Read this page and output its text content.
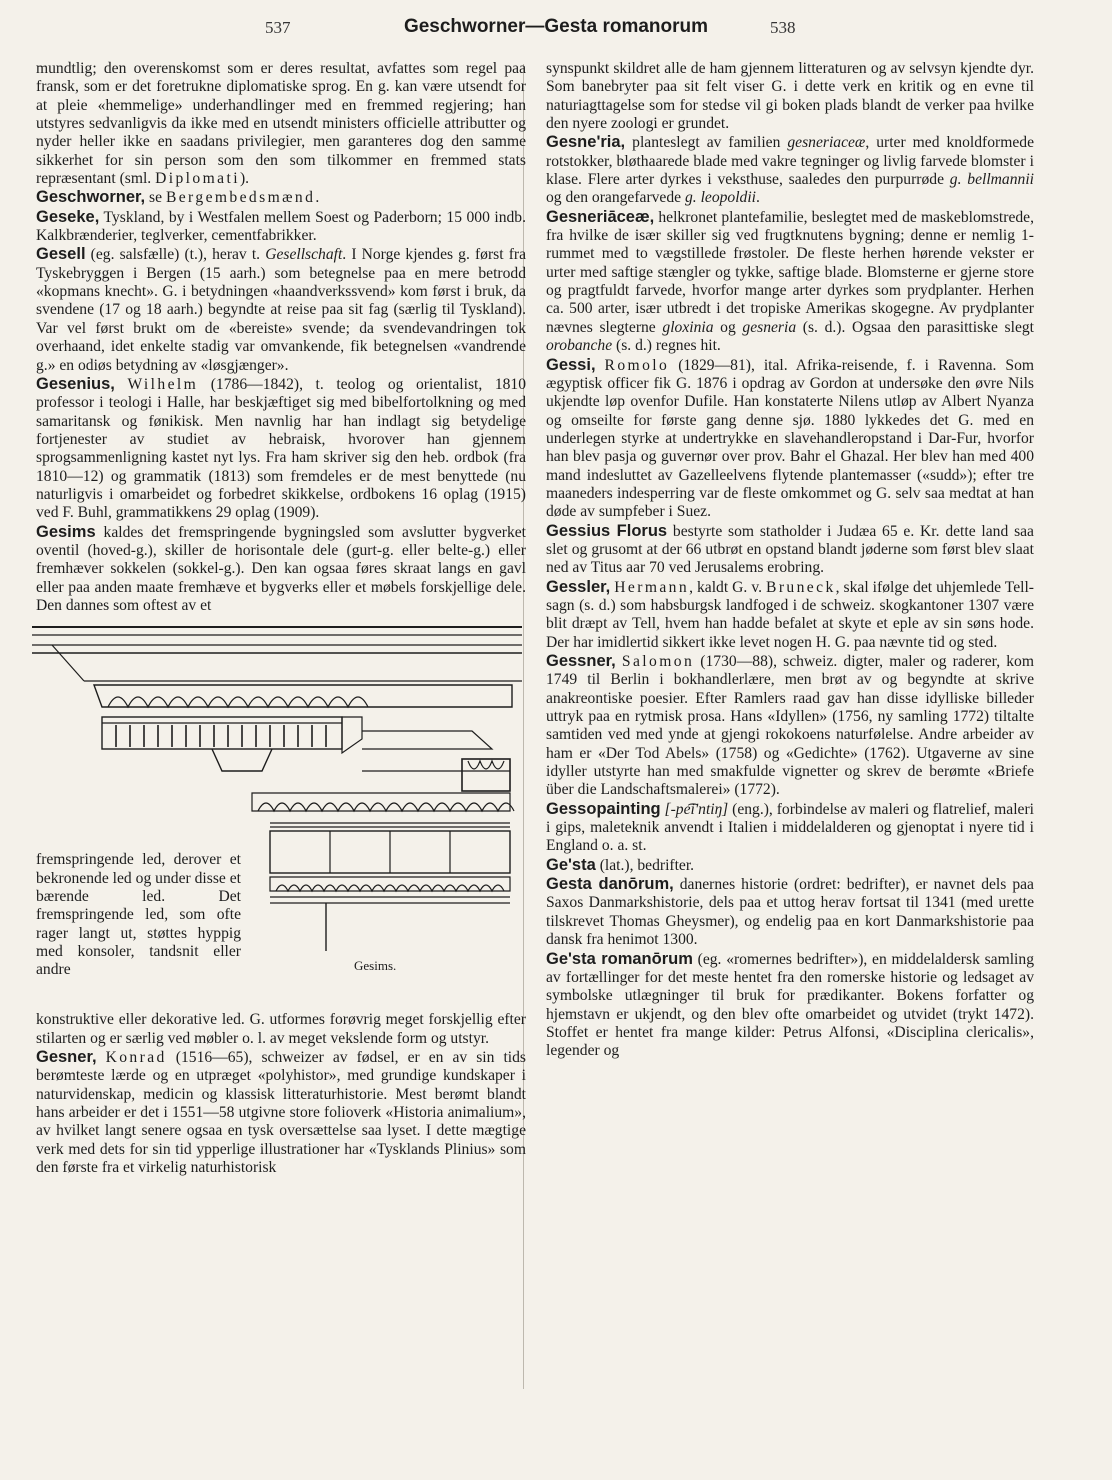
537	Geschworner—Gesta romanorum	538

mundtlig; den overenskomst som er deres resultat, avfattes som regel paa fransk, som er det foretrukne diplomatiske sprog. En g. kan være utsendt for at pleie «hemmelige» underhandlinger med en fremmed regjering; han utstyres sedvanligvis da ikke med en utsendt ministers officielle attributter og nyder heller ikke en saadans privilegier, men garanteres dog den samme sikkerhet for sin person som den som tilkommer en fremmed stats repræsentant (sml. Diplomati).

Geschworner, se Bergembedsmænd.

Geseke, Tyskland, by i Westfalen mellem Soest og Paderborn; 15 000 indb. Kalkbrænderier, teglverker, cementfabrikker.

Gesell (eg. salsfælle) (t.), herav t. Gesellschaft. I Norge kjendes g. først fra Tyskebryggen i Bergen (15 aarh.) som betegnelse paa en mere betrodd «kopmans knecht». G. i betydningen «haandverkssvend» kom først i bruk, da svendene (17 og 18 aarh.) begyndte at reise paa sit fag (særlig til Tyskland). Var vel først brukt om de «bereiste» svende; da svendevandringen tok overhaand, idet enkelte stadig var omvankende, fik betegnelsen «vandrende g.» en odiøs betydning av «løsgjænger».

Gesenius, Wilhelm (1786—1842), t. teolog og orientalist, 1810 professor i teologi i Halle, har beskjæftiget sig med bibelfortolkning og med samaritansk og fønikisk. Men navnlig har han indlagt sig betydelige fortjenester av studiet av hebraisk, hvorover han gjennem sprogsammenligning kastet nyt lys. Fra ham skriver sig den heb. ordbok (fra 1810—12) og grammatik (1813) som fremdeles er de mest benyttede (nu naturligvis i omarbeidet og forbedret skikkelse, ordbokens 16 oplag (1915) ved F. Buhl, grammatikkens 29 oplag (1909).

Gesims kaldes det fremspringende bygningsled som avslutter bygverket oventil (hoved-g.), skiller de horisontale dele (gurt-g. eller belte-g.) eller fremhæver sokkelen (sokkel-g.). Den kan ogsaa føres skraat langs en gavl eller paa anden maate fremhæve et bygverks eller et møbels forskjellige dele. Den dannes som oftest av et

fremspringende led, derover et bekronende led og under disse et bærende led. Det fremspringende led, som ofte rager langt ut, støttes hyppig med konsoler, tandsnit eller andre	Gesims.

konstruktive eller dekorative led. G. utformes forøvrig meget forskjellig efter stilarten og er særlig ved møbler o. l. av meget vekslende form og utstyr.

Gesner, Konrad (1516—65), schweizer av fødsel, er en av sin tids berømteste lærde og en utpræget «polyhistor», med grundige kundskaper i naturvidenskap, medicin og klassisk litteraturhistorie. Mest berømt blandt hans arbeider er det i 1551—58 utgivne store folioverk «Historia animalium», av hvilket langt senere ogsaa en tysk oversættelse saa lyset. I dette mægtige verk med dets for sin tid ypperlige illustrationer har «Tysklands Plinius» som den første fra et virkelig naturhistorisk

synspunkt skildret alle de ham gjennem litteraturen og av selvsyn kjendte dyr. Som banebryter paa sit felt viser G. i dette verk en kritik og en evne til naturiagttagelse som for stedse vil gi boken plads blandt de verker paa hvilke den nyere zoologi er grundet.

Gesne'ria, planteslegt av familien gesneriaceæ, urter med knoldformede rotstokker, bløthaarede blade med vakre tegninger og livlig farvede blomster i klase. Flere arter dyrkes i veksthuse, saaledes den purpurrøde g. bellmannii og den orangefarvede g. leopoldii.

Gesneriāceæ, helkronet plantefamilie, beslegtet med de maskeblomstrede, fra hvilke de især skiller sig ved frugtknutens bygning; denne er nemlig 1-rummet med to vægstillede frøstoler. De fleste herhen hørende vekster er urter med saftige stængler og tykke, saftige blade. Blomsterne er gjerne store og pragtfuldt farvede, hvorfor mange arter dyrkes som prydplanter. Herhen ca. 500 arter, især utbredt i det tropiske Amerikas skogegne. Av prydplanter nævnes slegterne gloxinia og gesneria (s. d.). Ogsaa den parasittiske slegt orobanche (s. d.) regnes hit.

Gessi, Romolo (1829—81), ital. Afrika-reisende, f. i Ravenna. Som ægyptisk officer fik G. 1876 i opdrag av Gordon at undersøke den øvre Nils ukjendte løp ovenfor Dufile. Han konstaterte Nilens utløp av Albert Nyanza og omseilte for første gang denne sjø. 1880 lykkedes det G. med en underlegen styrke at undertrykke en slavehandleropstand i Dar-Fur, hvorfor han blev pasja og guvernør over prov. Bahr el Ghazal. Her blev han med 400 mand indesluttet av Gazelleelvens flytende plantemasser («sudd»); efter tre maaneders indesperring var de fleste omkommet og G. selv saa medtat at han døde av sumpfeber i Suez.

Gessius Florus bestyrte som statholder i Judæa 65 e. Kr. dette land saa slet og grusomt at der 66 utbrøt en opstand blandt jøderne som først blev slaat ned av Titus aar 70 ved Jerusalems erobring.

Gessler, Hermann, kaldt G. v. Bruneck, skal ifølge det uhjemlede Tell-sagn (s. d.) som habsburgsk landfoged i de schweiz. skogkantoner 1307 være blit dræpt av Tell, hvem han hadde befalet at skyte et eple av sin søns hode. Der har imidlertid sikkert ikke levet nogen H. G. paa nævnte tid og sted.

Gessner, Salomon (1730—88), schweiz. digter, maler og raderer, kom 1749 til Berlin i bokhandlerlære, men brøt av og begyndte at skrive anakreontiske poesier. Efter Ramlers raad gav han disse idylliske billeder uttryk paa en rytmisk prosa. Hans «Idyllen» (1756, ny samling 1772) tiltalte samtiden ved med ynde at gjengi rokokoens naturfølelse. Andre arbeider av ham er «Der Tod Abels» (1758) og «Gedichte» (1762). Utgaverne av sine idyller utstyrte han med smakfulde vignetter og skrev de berømte «Briefe über die Landschaftsmalerei» (1772).

Gessopainting [-pe͡iʹntiŋ] (eng.), forbindelse av maleri og flatrelief, maleri i gips, maleteknik anvendt i Italien i middelalderen og gjenoptat i nyere tid i England o. a. st.

Ge'sta (lat.), bedrifter.

Gesta danōrum, danernes historie (ordret: bedrifter), er navnet dels paa Saxos Danmarkshistorie, dels paa et uttog herav fortsat til 1341 (med urette tilskrevet Thomas Gheysmer), og endelig paa en kort Danmarkshistorie paa dansk fra henimot 1300.

Ge'sta romanōrum (eg. «romernes bedrifter»), en middelaldersk samling av fortællinger for det meste hentet fra den romerske historie og ledsaget av symbolske utlægninger til bruk for prædikanter. Bokens forfatter og hjemstavn er ukjendt, og den blev ofte omarbeidet og utvidet (trykt 1472). Stoffet er hentet fra mange kilder: Petrus Alfonsi, «Disciplina clericalis», legender og
